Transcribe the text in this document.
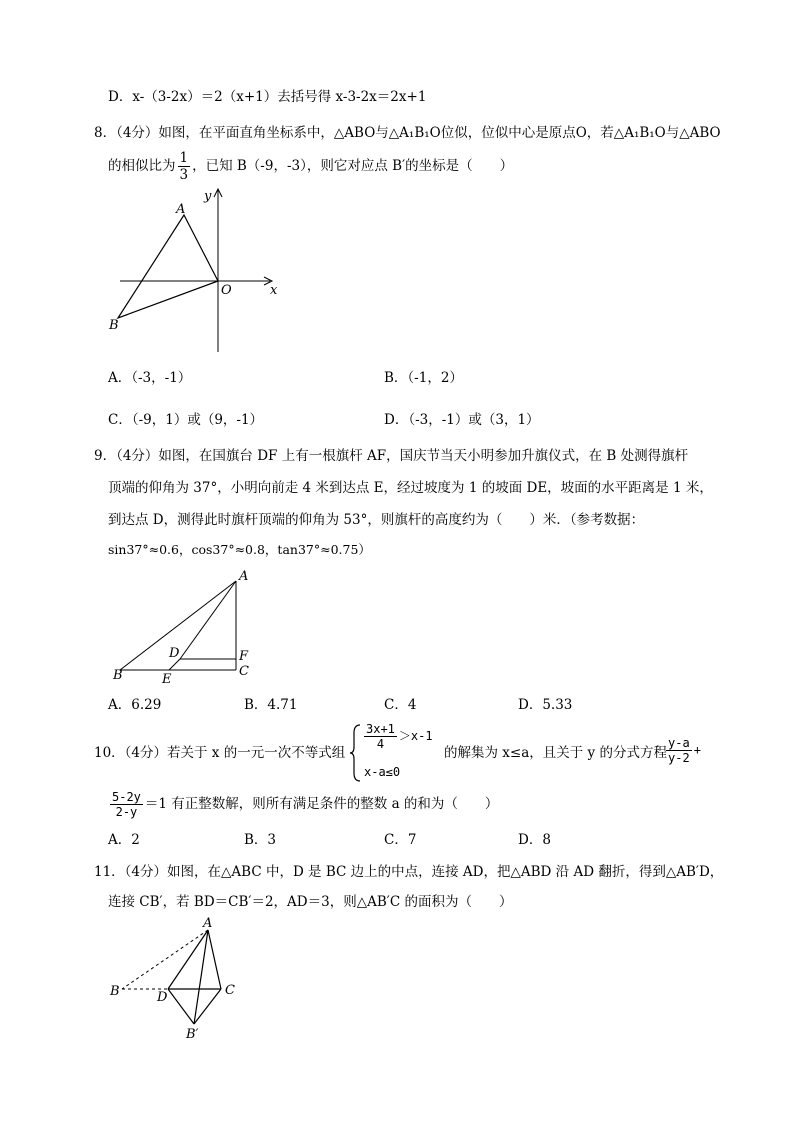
D．x-（3-2x）＝2（x+1）去括号得 x-3-2x＝2x+1
8．（4分）如图，在平面直角坐标系中，△ABO与△A₁B₁O位似，位似中心是原点O，若△A₁B₁O与△ABO
的相似比为 $\frac{1}{3}$ ，已知 B（-9，-3），则它对应点 B′的坐标是（　　）
A
B
O	x
y
A．（-3，-1）	B．（-1，2）
C．（-9，1）或（9，-1）	D．（-3，-1）或（3，1）
9．（4分）如图，在国旗台 DF 上有一根旗杆 AF，国庆节当天小明参加升旗仪式，在 B 处测得旗杆
顶端的仰角为 37°，小明向前走 4 米到达点 E，经过坡度为 1 的坡面 DE，坡面的水平距离是 1 米，
到达点 D，测得此时旗杆顶端的仰角为 53°，则旗杆的高度约为（　　）米．（参考数据：
sin37°≈0.6，cos37°≈0.8，tan37°≈0.75）
A
B	C
D
E
F
A．6.29	B．4.71	C．4	D．5.33
10．（4分）若关于 x 的一元一次不等式组
$\frac{3x+1}{4} >x-1$
x-a≤0
的解集为 x≤a，且关于 y 的分式方程 $\frac{y-a}{y-2}$ +
$\frac{5-2y}{2-y} =1$ 有正整数解，则所有满足条件的整数 a 的和为（　　）
A．2	B．3	C．7	D．8
11．（4分）如图，在△ABC 中，D 是 BC 边上的中点，连接 AD，把△ABD 沿 AD 翻折，得到△AB′D，
连接 CB′，若 BD＝CB′＝2，AD＝3，则△AB′C 的面积为（　　）
A
B	C
D
B′
